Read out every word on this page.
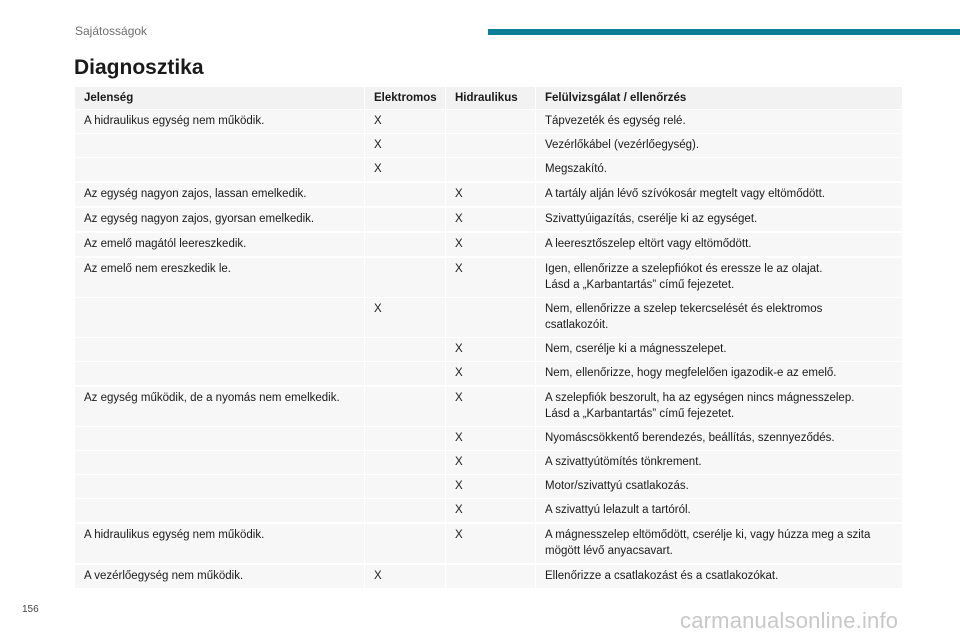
Sajátosságok
Diagnosztika
Jelenség	Elektromos	Hidraulikus	Felülvizsgálat / ellenőrzés
A hidraulikus egység nem működik.	X		Tápvezeték és egység relé.

	X		Vezérlőkábel (vezérlőegység).

	X		Megszakító.

Az egység nagyon zajos, lassan emelkedik.		X	A tartály alján lévő szívókosár megtelt vagy eltömődött.

Az egység nagyon zajos, gyorsan emelkedik.		X	Szivattyúigazítás, cserélje ki az egységet.

Az emelő magától leereszkedik.		X	A leeresztőszelep eltört vagy eltömődött.

Az emelő nem ereszkedik le.		X	Igen, ellenőrizze a szelepfiókot és eressze le az olajat.
Lásd a „Karbantartás” című fejezetet.

	X		Nem, ellenőrizze a szelep tekercselését és elektromos
csatlakozóit.

		X	Nem, cserélje ki a mágnesszelepet.

		X	Nem, ellenőrizze, hogy megfelelően igazodik-e az emelő.

Az egység működik, de a nyomás nem emelkedik.		X	A szelepfiók beszorult, ha az egységen nincs mágnesszelep.
Lásd a „Karbantartás” című fejezetet.

		X	Nyomáscsökkentő berendezés, beállítás, szennyeződés.

		X	A szivattyútömítés tönkrement.

		X	Motor/szivattyú csatlakozás.

		X	A szivattyú lelazult a tartóról.

A hidraulikus egység nem működik.		X	A mágnesszelep eltömődött, cserélje ki, vagy húzza meg a szita
mögött lévő anyacsavart.

A vezérlőegység nem működik.	X		Ellenőrizze a csatlakozást és a csatlakozókat.
156	carmanualsonline.info
